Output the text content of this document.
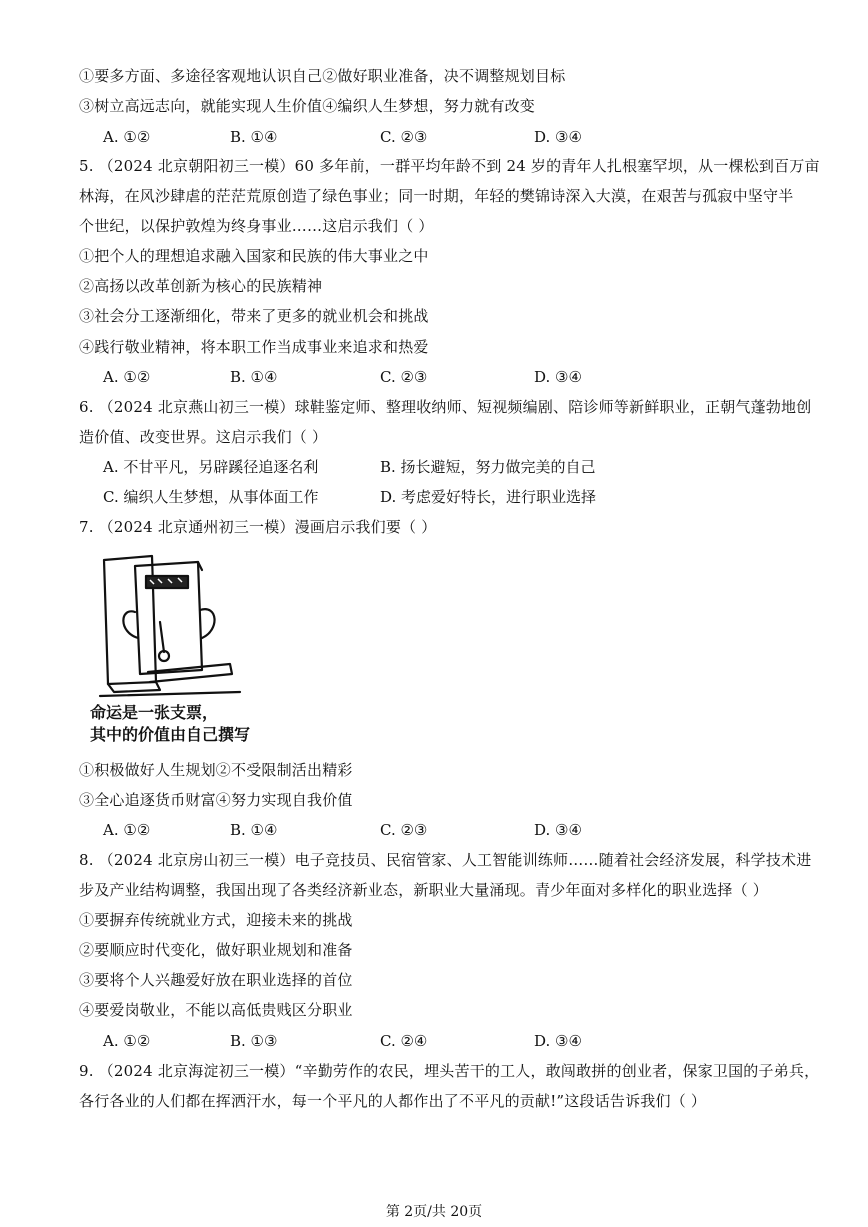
①要多方面、多途径客观地认识自己②做好职业准备，决不调整规划目标
③树立高远志向，就能实现人生价值④编织人生梦想，努力就有改变
A. ①②	B. ①④	C. ②③	D. ③④
5. （2024 北京朝阳初三一模）60 多年前，一群平均年龄不到 24 岁的青年人扎根塞罕坝，从一棵松到百万亩
林海，在风沙肆虐的茫茫荒原创造了绿色事业；同一时期，年轻的樊锦诗深入大漠，在艰苦与孤寂中坚守半
个世纪，以保护敦煌为终身事业……这启示我们（ ）
①把个人的理想追求融入国家和民族的伟大事业之中
②高扬以改革创新为核心的民族精神
③社会分工逐渐细化，带来了更多的就业机会和挑战
④践行敬业精神，将本职工作当成事业来追求和热爱
A. ①②	B. ①④	C. ②③	D. ③④
6. （2024 北京燕山初三一模）球鞋鉴定师、整理收纳师、短视频编剧、陪诊师等新鲜职业，正朝气蓬勃地创
造价值、改变世界。这启示我们（ ）
A. 不甘平凡，另辟蹊径追逐名利	B. 扬长避短，努力做完美的自己
C. 编织人生梦想，从事体面工作	D. 考虑爱好特长，进行职业选择
7. （2024 北京通州初三一模）漫画启示我们要（ ）
命运是一张支票，
其中的价值由自己撰写
①积极做好人生规划②不受限制活出精彩
③全心追逐货币财富④努力实现自我价值
A. ①②	B. ①④	C. ②③	D. ③④
8. （2024 北京房山初三一模）电子竞技员、民宿管家、人工智能训练师……随着社会经济发展，科学技术进
步及产业结构调整，我国出现了各类经济新业态，新职业大量涌现。青少年面对多样化的职业选择（ ）
①要摒弃传统就业方式，迎接未来的挑战
②要顺应时代变化，做好职业规划和准备
③要将个人兴趣爱好放在职业选择的首位
④要爱岗敬业，不能以高低贵贱区分职业
A. ①②	B. ①③	C. ②④	D. ③④
9. （2024 北京海淀初三一模）“辛勤劳作的农民，埋头苦干的工人，敢闯敢拼的创业者，保家卫国的子弟兵，
各行各业的人们都在挥洒汗水，每一个平凡的人都作出了不平凡的贡献!”这段话告诉我们（ ）
第 2页/共 20页
